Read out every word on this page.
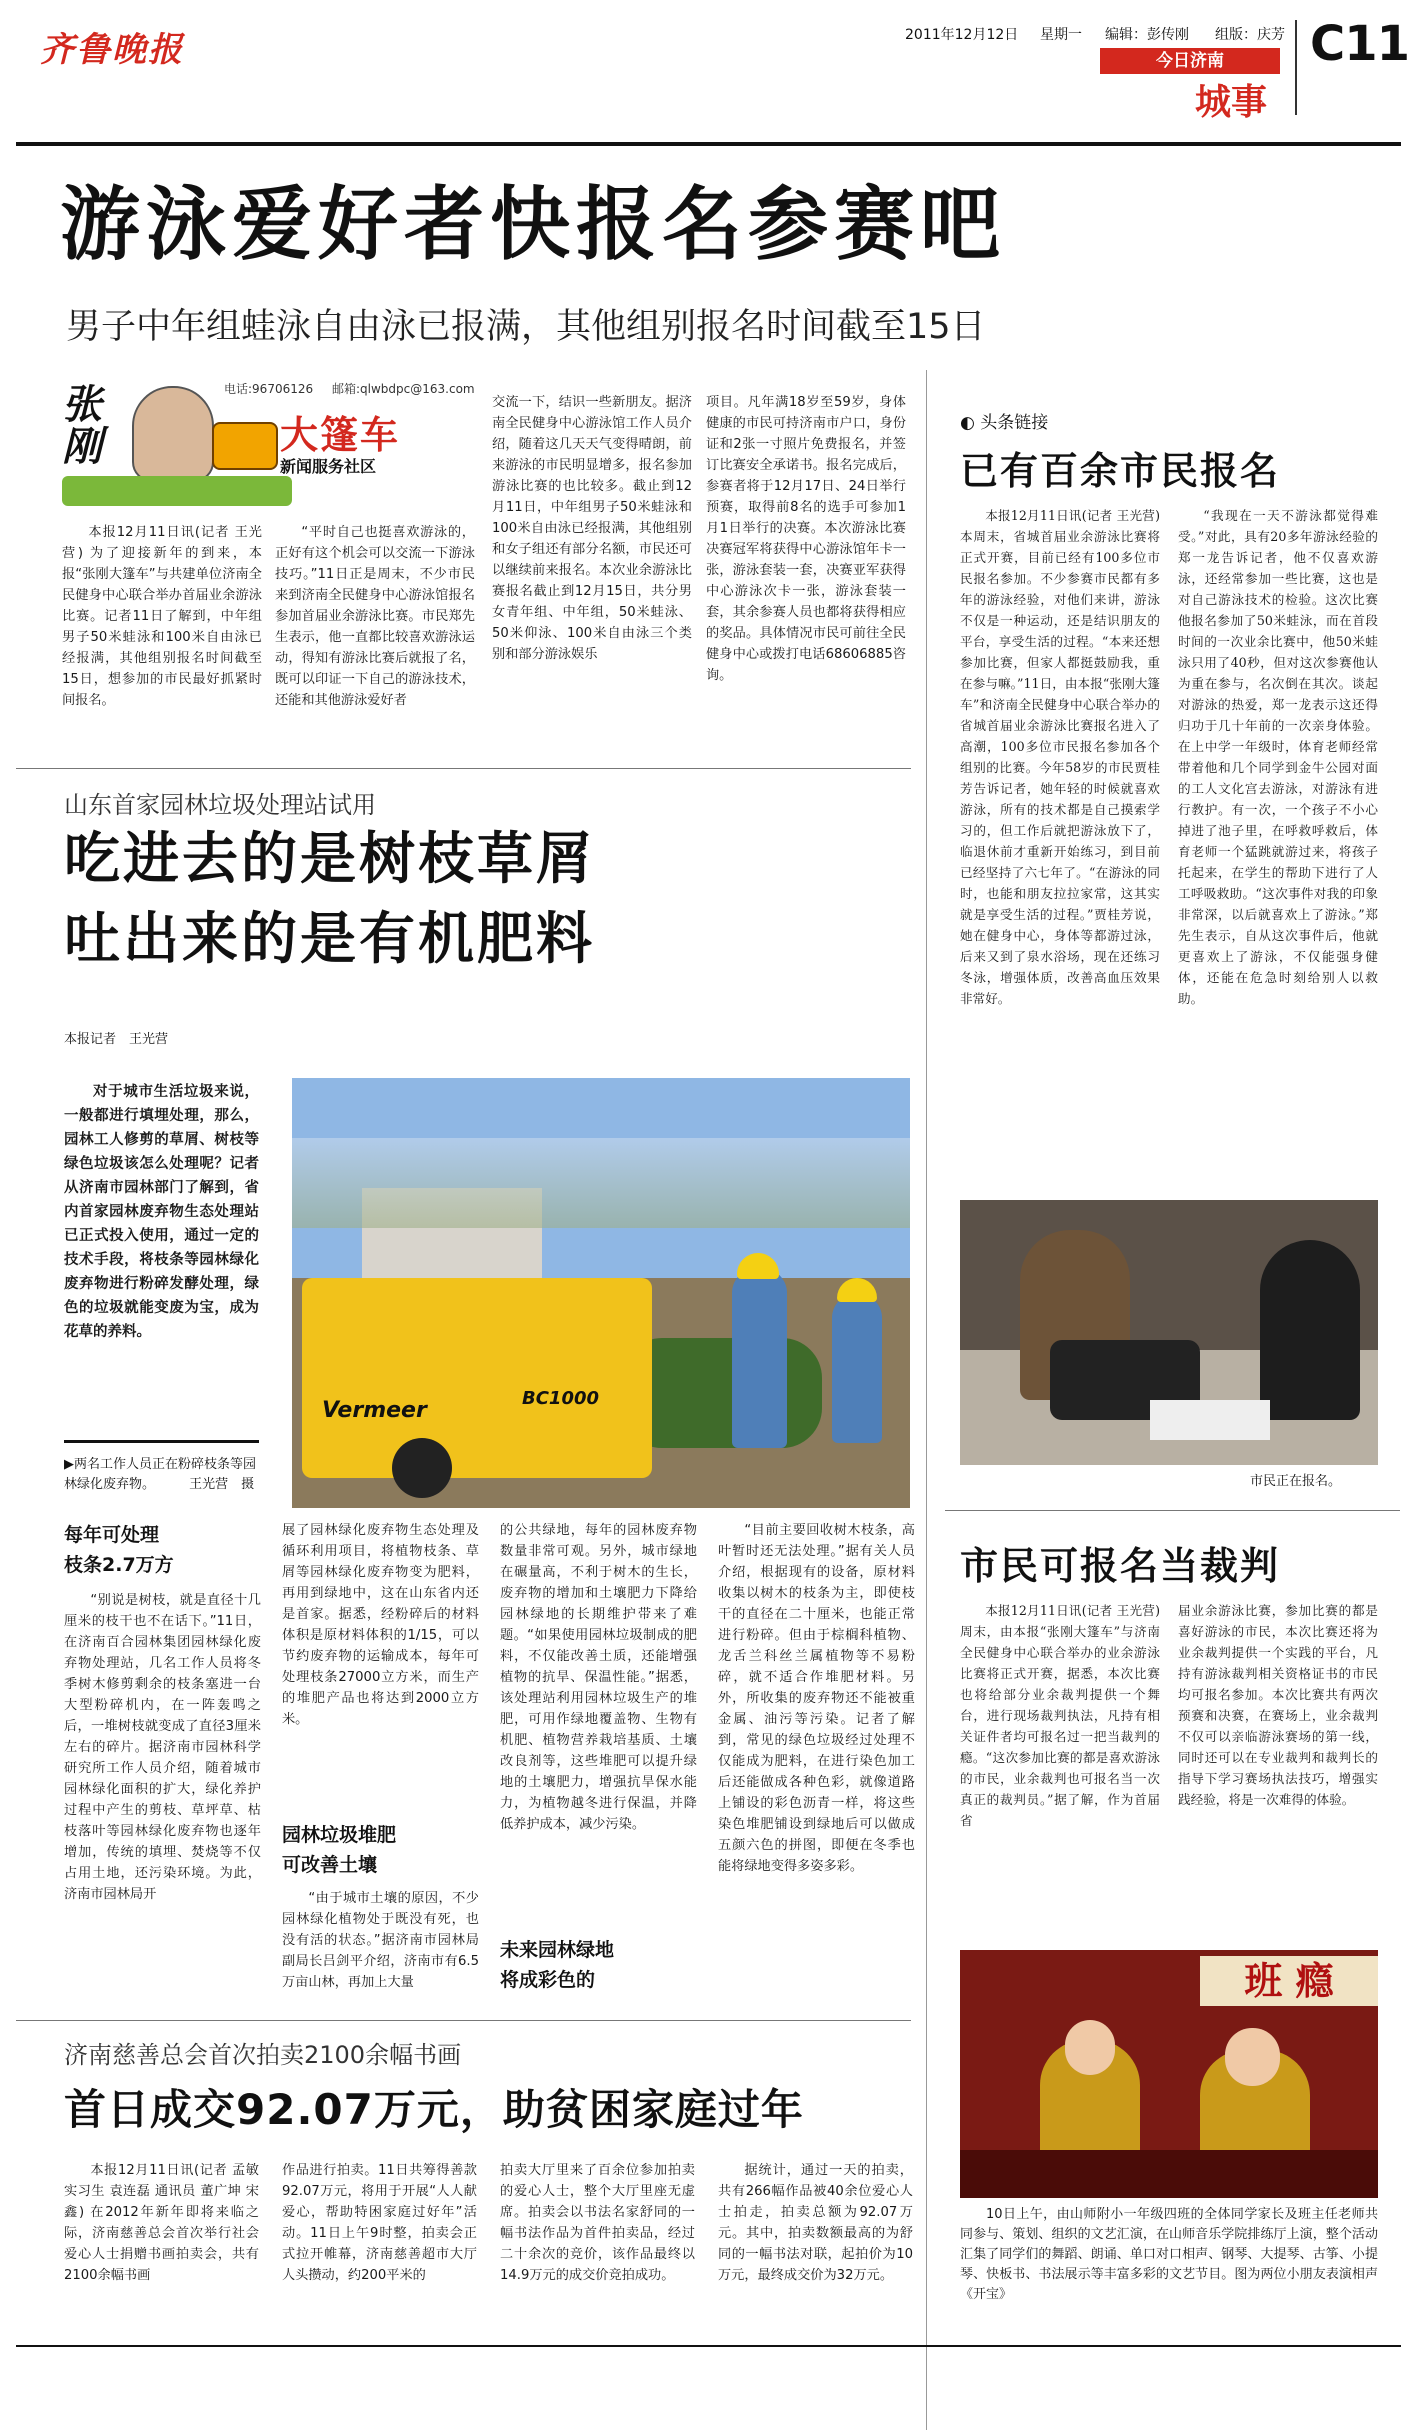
齐鲁晚报	2011年12月12日 星期一 编辑：彭传刚 组版：庆芳
今日济南
城事
C11
游泳爱好者快报名参赛吧
男子中年组蛙泳自由泳已报满，其他组别报名时间截至15日
张刚
电话:96706126 邮箱:qlwbdpc@163.com
大篷车
新闻服务社区

本报12月11日讯(记者 王光营) 为了迎接新年的到来，本报“张刚大篷车”与共建单位济南全民健身中心联合举办首届业余游泳比赛。记者11日了解到，中年组男子50米蛙泳和100米自由泳已经报满，其他组别报名时间截至15日，想参加的市民最好抓紧时间报名。

“平时自己也挺喜欢游泳的，正好有这个机会可以交流一下游泳技巧。”11日正是周末，不少市民来到济南全民健身中心游泳馆报名参加首届业余游泳比赛。市民郑先生表示，他一直都比较喜欢游泳运动，得知有游泳比赛后就报了名，既可以印证一下自己的游泳技术，还能和其他游泳爱好者

交流一下，结识一些新朋友。据济南全民健身中心游泳馆工作人员介绍，随着这几天天气变得晴朗，前来游泳的市民明显增多，报名参加游泳比赛的也比较多。截止到12月11日，中年组男子50米蛙泳和100米自由泳已经报满，其他组别和女子组还有部分名额，市民还可以继续前来报名。本次业余游泳比赛报名截止到12月15日，共分男女青年组、中年组，50米蛙泳、50米仰泳、100米自由泳三个类别和部分游泳娱乐

项目。凡年满18岁至59岁，身体健康的市民可持济南市户口，身份证和2张一寸照片免费报名，并签订比赛安全承诺书。报名完成后，参赛者将于12月17日、24日举行预赛，取得前8名的选手可参加1月1日举行的决赛。本次游泳比赛决赛冠军将获得中心游泳馆年卡一张，游泳套装一套，决赛亚军获得中心游泳次卡一张，游泳套装一套，其余参赛人员也都将获得相应的奖品。具体情况市民可前往全民健身中心或拨打电话68606885咨询。

◐ 头条链接
已有百余市民报名

本报12月11日讯(记者 王光营) 本周末，省城首届业余游泳比赛将正式开赛，目前已经有100多位市民报名参加。不少参赛市民都有多年的游泳经验，对他们来讲，游泳不仅是一种运动，还是结识朋友的平台，享受生活的过程。“本来还想参加比赛，但家人都挺鼓励我，重在参与嘛。”11日，由本报“张刚大篷车”和济南全民健身中心联合举办的省城首届业余游泳比赛报名进入了高潮，100多位市民报名参加各个组别的比赛。今年58岁的市民贾桂芳告诉记者，她年轻的时候就喜欢游泳，所有的技术都是自己摸索学习的，但工作后就把游泳放下了，临退休前才重新开始练习，到目前已经坚持了六七年了。“在游泳的同时，也能和朋友拉拉家常，这其实就是享受生活的过程。”贾桂芳说，她在健身中心，身体等都游过泳，后来又到了泉水浴场，现在还练习冬泳，增强体质，改善高血压效果非常好。

“我现在一天不游泳都觉得难受。”对此，具有20多年游泳经验的郑一龙告诉记者，他不仅喜欢游泳，还经常参加一些比赛，这也是对自己游泳技术的检验。这次比赛他报名参加了50米蛙泳，而在首段时间的一次业余比赛中，他50米蛙泳只用了40秒，但对这次参赛他认为重在参与，名次倒在其次。谈起对游泳的热爱，郑一龙表示这还得归功于几十年前的一次亲身体验。在上中学一年级时，体育老师经常带着他和几个同学到金牛公园对面的工人文化宫去游泳，对游泳有进行教护。有一次，一个孩子不小心掉进了池子里，在呼救呼救后，体育老师一个猛跳就游过来，将孩子托起来，在学生的帮助下进行了人工呼吸救助。“这次事件对我的印象非常深，以后就喜欢上了游泳。”郑先生表示，自从这次事件后，他就更喜欢上了游泳，不仅能强身健体，还能在危急时刻给别人以救助。

市民正在报名。
市民可报名当裁判

本报12月11日讯(记者 王光营) 周末，由本报“张刚大篷车”与济南全民健身中心联合举办的业余游泳比赛将正式开赛，据悉，本次比赛也将给部分业余裁判提供一个舞台，进行现场裁判执法，凡持有相关证件者均可报名过一把当裁判的瘾。“这次参加比赛的都是喜欢游泳的市民，业余裁判也可报名当一次真正的裁判员。”据了解，作为首届省

届业余游泳比赛，参加比赛的都是喜好游泳的市民，本次比赛还将为业余裁判提供一个实践的平台，凡持有游泳裁判相关资格证书的市民均可报名参加。本次比赛共有两次预赛和决赛，在赛场上，业余裁判不仅可以亲临游泳赛场的第一线，同时还可以在专业裁判和裁判长的指导下学习赛场执法技巧，增强实践经验，将是一次难得的体验。

班 瘾

10日上午，由山师附小一年级四班的全体同学家长及班主任老师共同参与、策划、组织的文艺汇演，在山师音乐学院排练厅上演，整个活动汇集了同学们的舞蹈、朗诵、单口对口相声、钢琴、大提琴、古筝、小提琴、快板书、书法展示等丰富多彩的文艺节目。图为两位小朋友表演相声《开宝》

山东首家园林垃圾处理站试用
吃进去的是树枝草屑
吐出来的是有机肥料
本报记者　王光营

对于城市生活垃圾来说，一般都进行填埋处理，那么，园林工人修剪的草屑、树枝等绿色垃圾该怎么处理呢？记者从济南市园林部门了解到，省内首家园林废弃物生态处理站已正式投入使用，通过一定的技术手段，将枝条等园林绿化废弃物进行粉碎发酵处理，绿色的垃圾就能变废为宝，成为花草的养料。

▶两名工作人员正在粉碎枝条等园林绿化废弃物。	王光营　摄
Vermeer	BC1000
每年可处理
枝条2.7万方

“别说是树枝，就是直径十几厘米的枝干也不在话下。”11日，在济南百合园林集团园林绿化废弃物处理站，几名工作人员将冬季树木修剪剩余的枝条塞进一台大型粉碎机内，在一阵轰鸣之后，一堆树枝就变成了直径3厘米左右的碎片。据济南市园林科学研究所工作人员介绍，随着城市园林绿化面积的扩大，绿化养护过程中产生的剪枝、草坪草、枯枝落叶等园林绿化废弃物也逐年增加，传统的填埋、焚烧等不仅占用土地，还污染环境。为此，济南市园林局开

展了园林绿化废弃物生态处理及循环利用项目，将植物枝条、草屑等园林绿化废弃物变为肥料，再用到绿地中，这在山东省内还是首家。据悉，经粉碎后的材料体积是原材料体积的1/15，可以节约废弃物的运输成本，每年可处理枝条27000立方米，而生产的堆肥产品也将达到2000立方米。

园林垃圾堆肥
可改善土壤

“由于城市土壤的原因，不少园林绿化植物处于既没有死，也没有活的状态。”据济南市园林局副局长吕剑平介绍，济南市有6.5万亩山林，再加上大量

的公共绿地，每年的园林废弃物数量非常可观。另外，城市绿地在碾量高，不利于树木的生长，废弃物的增加和土壤肥力下降给园林绿地的长期维护带来了难题。“如果使用园林垃圾制成的肥料，不仅能改善土质，还能增强植物的抗旱、保温性能。”据悉，该处理站利用园林垃圾生产的堆肥，可用作绿地覆盖物、生物有机肥、植物营养栽培基质、土壤改良剂等，这些堆肥可以提升绿地的土壤肥力，增强抗旱保水能力，为植物越冬进行保温，并降低养护成本，减少污染。

未来园林绿地
将成彩色的

“目前主要回收树木枝条，高叶暂时还无法处理。”据有关人员介绍，根据现有的设备，原材料收集以树木的枝条为主，即使枝干的直径在二十厘米，也能正常进行粉碎。但由于棕榈科植物、龙舌兰科丝兰属植物等不易粉碎，就不适合作堆肥材料。另外，所收集的废弃物还不能被重金属、油污等污染。记者了解到，常见的绿色垃圾经过处理不仅能成为肥料，在进行染色加工后还能做成各种色彩，就像道路上铺设的彩色沥青一样，将这些染色堆肥铺设到绿地后可以做成五颜六色的拼图，即便在冬季也能将绿地变得多姿多彩。

济南慈善总会首次拍卖2100余幅书画
首日成交92.07万元，助贫困家庭过年

本报12月11日讯(记者 孟敏 实习生 袁连磊 通讯员 董广坤 宋鑫) 在2012年新年即将来临之际，济南慈善总会首次举行社会爱心人士捐赠书画拍卖会，共有2100余幅书画

作品进行拍卖。11日共筹得善款92.07万元，将用于开展“人人献爱心，帮助特困家庭过好年”活动。11日上午9时整，拍卖会正式拉开帷幕，济南慈善超市大厅人头攒动，约200平米的

拍卖大厅里来了百余位参加拍卖的爱心人士，整个大厅里座无虚席。拍卖会以书法名家舒同的一幅书法作品为首件拍卖品，经过二十余次的竞价，该作品最终以14.9万元的成交价竞拍成功。

据统计，通过一天的拍卖，共有266幅作品被40余位爱心人士拍走，拍卖总额为92.07万元。其中，拍卖数额最高的为舒同的一幅书法对联，起拍价为10万元，最终成交价为32万元。
